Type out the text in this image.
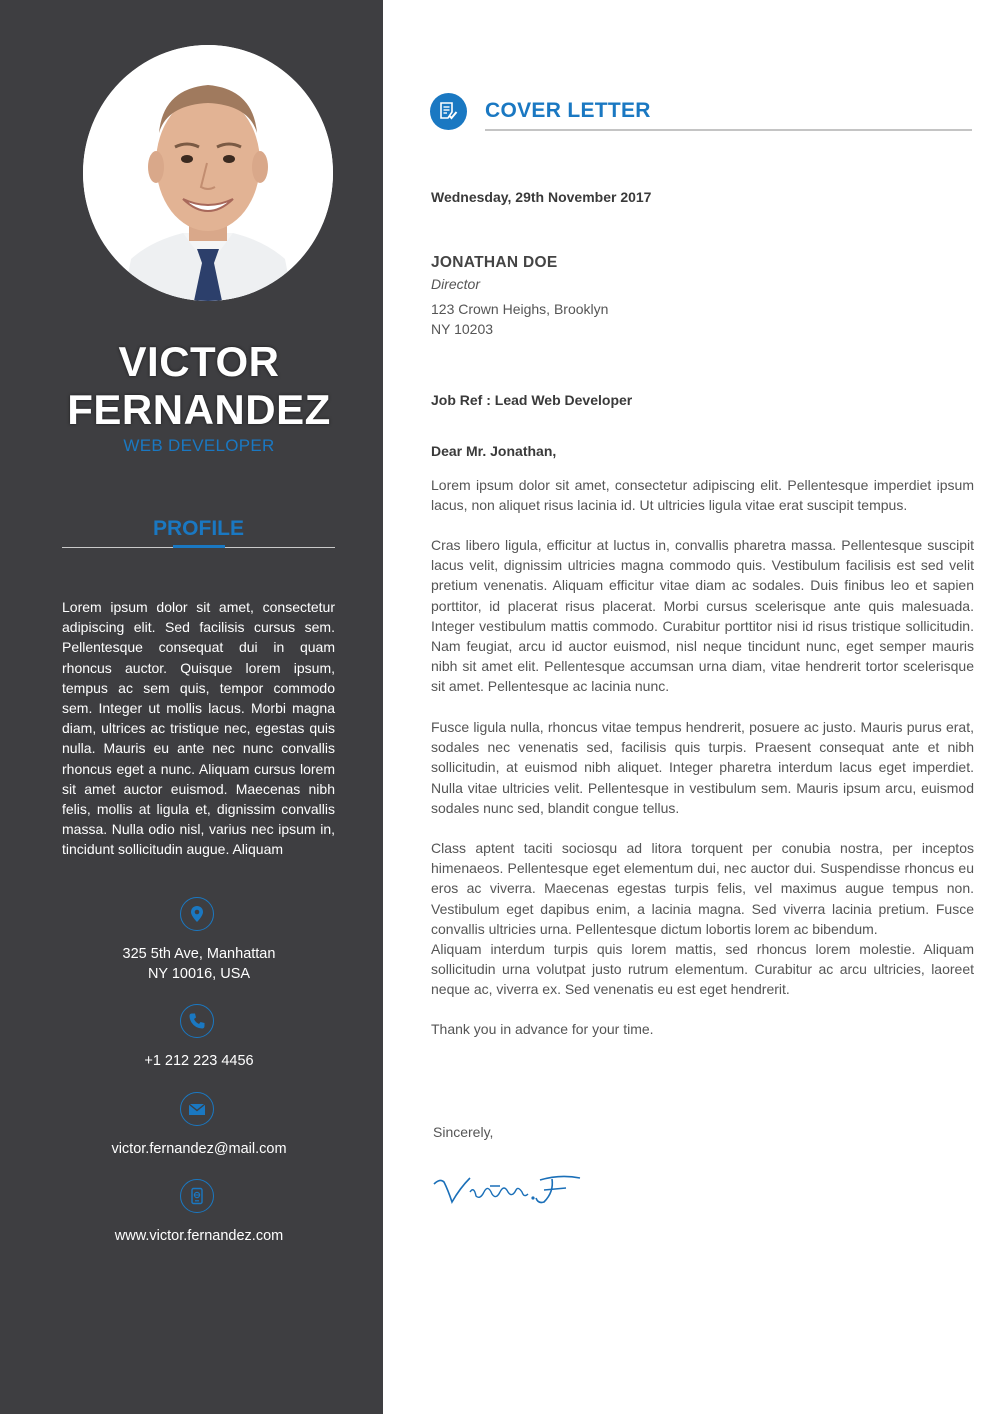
VICTOR
FERNANDEZ
WEB DEVELOPER
PROFILE
Lorem ipsum dolor sit amet, consectetur adipiscing elit. Sed facilisis cursus sem. Pellentesque consequat dui in quam rhoncus auctor. Quisque lorem ipsum, tempus ac sem quis, tempor commodo sem. Integer ut mollis lacus. Morbi magna diam, ultrices ac tristique nec, egestas quis nulla. Mauris eu ante nec nunc convallis rhoncus eget a nunc. Aliquam cursus lorem sit amet auctor euismod. Maecenas nibh felis, mollis at ligula et, dignissim convallis massa. Nulla odio nisl, varius nec ipsum in, tincidunt sollicitudin augue. Aliquam
325 5th Ave, Manhattan
NY 10016, USA
+1 212 223 4456
victor.fernandez@mail.com
www.victor.fernandez.com
COVER LETTER
Wednesday, 29th November 2017
JONATHAN DOE
Director
123 Crown Heighs, Brooklyn
NY 10203
Job Ref : Lead Web Developer
Dear Mr. Jonathan,

Lorem ipsum dolor sit amet, consectetur adipiscing elit. Pellentesque imperdiet ipsum lacus, non aliquet risus lacinia id. Ut ultricies ligula vitae erat suscipit tempus.

Cras libero ligula, efficitur at luctus in, convallis pharetra massa. Pellentesque suscipit lacus velit, dignissim ultricies magna commodo quis. Vestibulum facilisis est sed velit pretium venenatis. Aliquam efficitur vitae diam ac sodales. Duis finibus leo et sapien porttitor, id placerat risus placerat. Morbi cursus scelerisque ante quis malesuada. Integer vestibulum mattis commodo. Curabitur porttitor nisi id risus tristique sollicitudin. Nam feugiat, arcu id auctor euismod, nisl neque tincidunt nunc, eget semper mauris nibh sit amet elit. Pellentesque accumsan urna diam, vitae hendrerit tortor scelerisque sit amet. Pellentesque ac lacinia nunc.

Fusce ligula nulla, rhoncus vitae tempus hendrerit, posuere ac justo. Mauris purus erat, sodales nec venenatis sed, facilisis quis turpis. Praesent consequat ante et nibh sollicitudin, at euismod nibh aliquet. Integer pharetra interdum lacus eget imperdiet. Nulla vitae ultricies velit. Pellentesque in vestibulum sem. Mauris ipsum arcu, euismod sodales nunc sed, blandit congue tellus.

Class aptent taciti sociosqu ad litora torquent per conubia nostra, per inceptos himenaeos. Pellentesque eget elementum dui, nec auctor dui. Suspendisse rhoncus eu eros ac viverra. Maecenas egestas turpis felis, vel maximus augue tempus non. Vestibulum eget dapibus enim, a lacinia magna. Sed viverra lacinia pretium. Fusce convallis ultricies urna. Pellentesque dictum lobortis lorem ac bibendum.

Aliquam interdum turpis quis lorem mattis, sed rhoncus lorem molestie. Aliquam sollicitudin urna volutpat justo rutrum elementum. Curabitur ac arcu ultricies, laoreet neque ac, viverra ex. Sed venenatis eu est eget hendrerit.

Thank you in advance for your time.

Sincerely,
